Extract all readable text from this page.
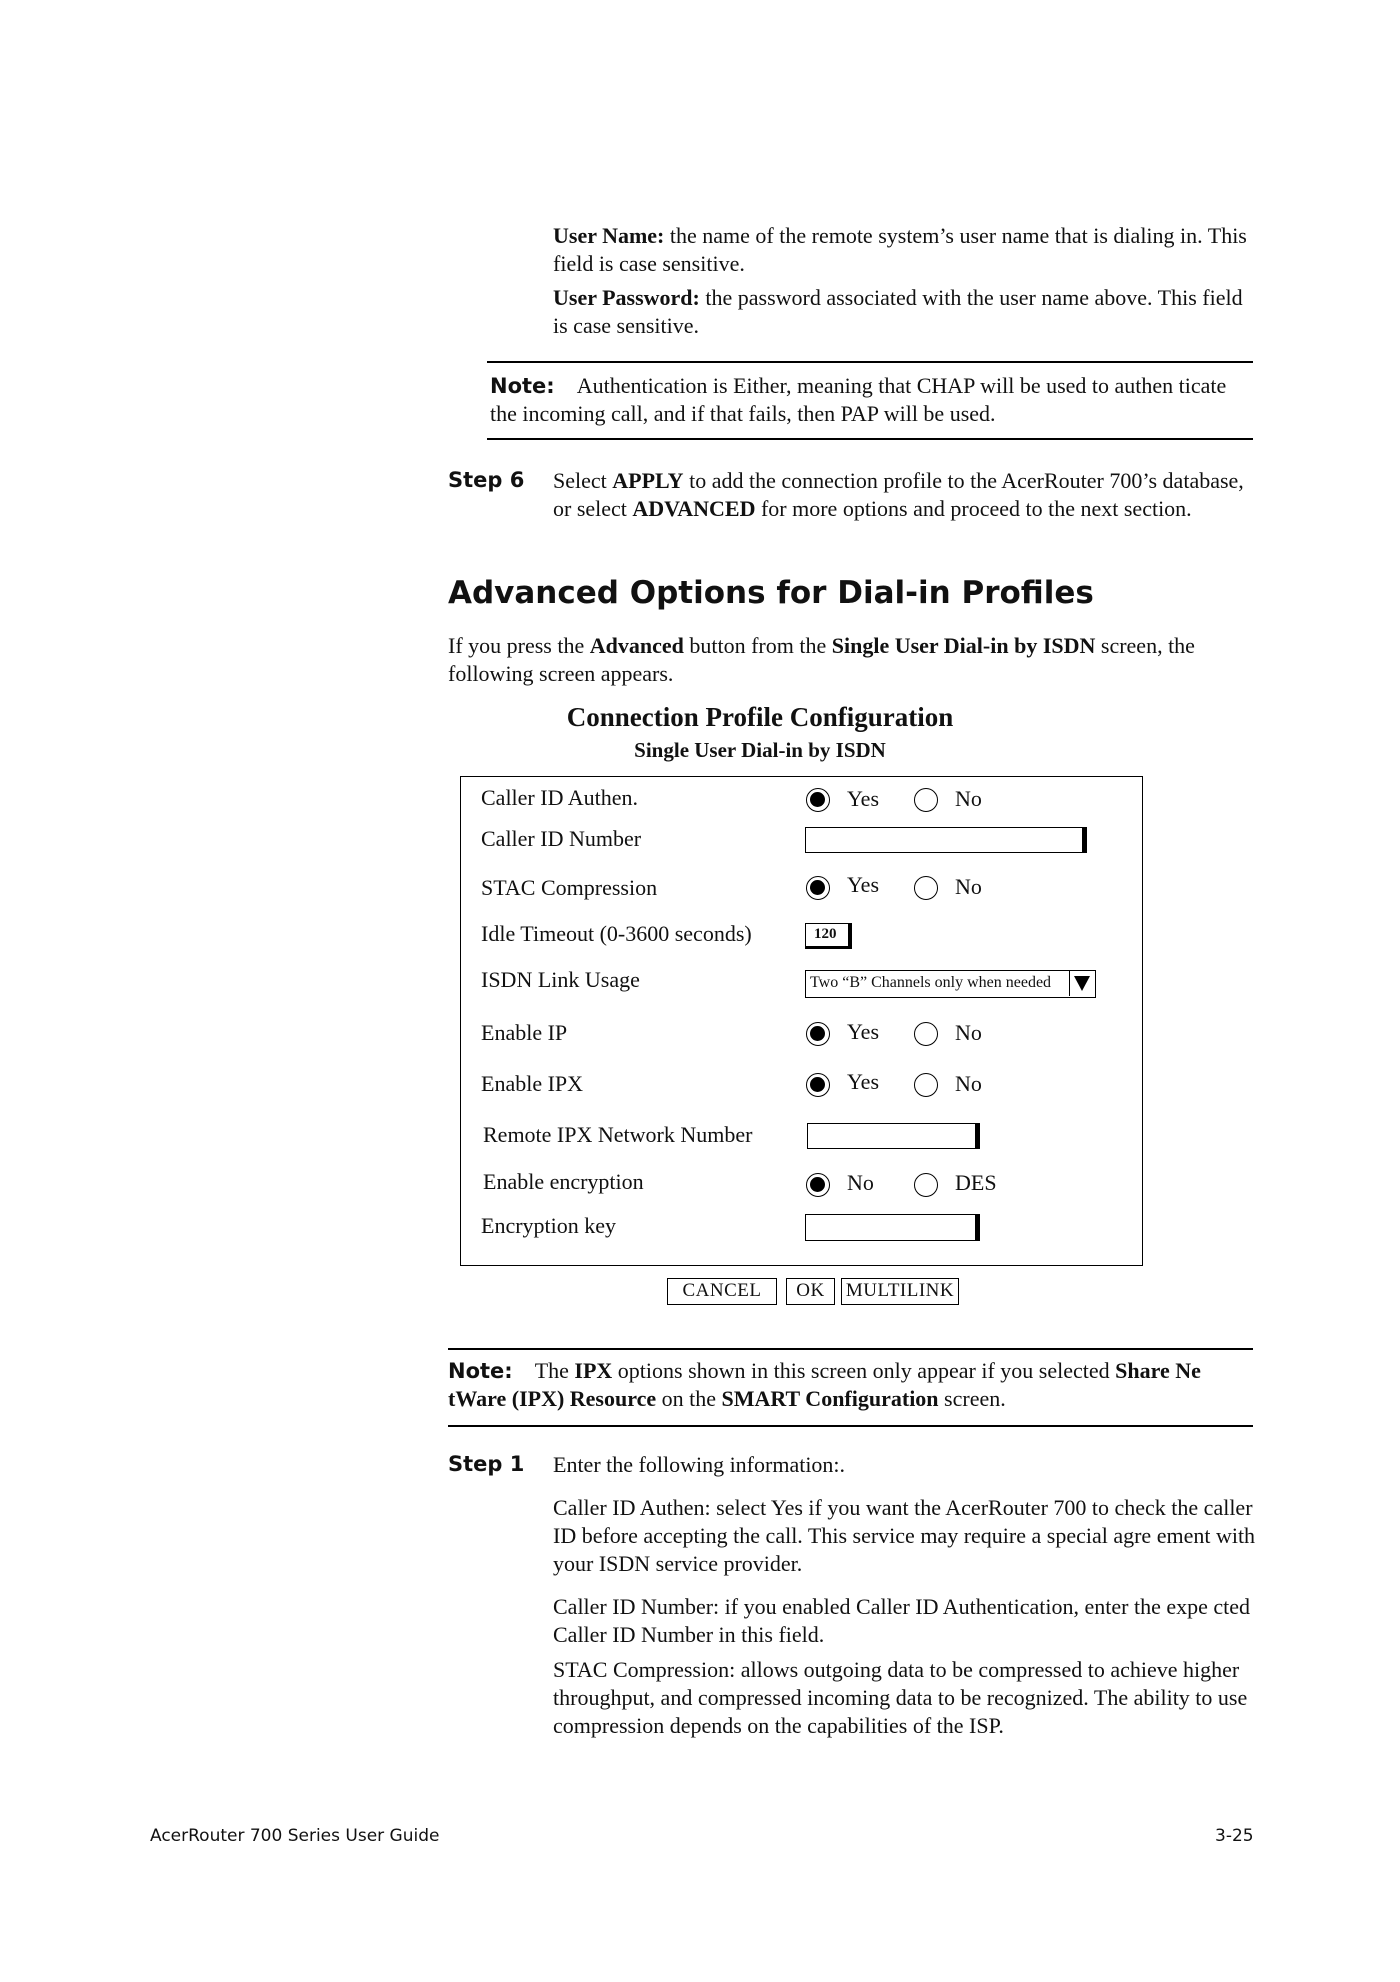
User Name: the name of the remote system’s user name that is dialing in. This field is case sensitive.

User Password: the password associated with the user name above. This field is case sensitive.

Note: Authentication is Either, meaning that CHAP will be used to authen ticate the incoming call, and if that fails, then PAP will be used.

Step 6 Select APPLY to add the connection profile to the AcerRouter 700’s database, or select ADVANCED for more options and proceed to the next section.

Advanced Options for Dial-in Profiles

If you press the Advanced button from the Single User Dial-in by ISDN screen, the following screen appears.

Connection Profile Configuration
Single User Dial-in by ISDN
Caller ID Authen.	Yes	No
Caller ID Number
STAC Compression	Yes	No
Idle Timeout (0-3600 seconds)	120
ISDN Link Usage	Two “B” Channels only when needed
Enable IP	Yes	No
Enable IPX	Yes	No
Remote IPX Network Number
Enable encryption	No	DES
Encryption key
CANCEL	OK	MULTILINK

Note: The IPX options shown in this screen only appear if you selected Share Ne tWare (IPX) Resource on the SMART Configuration screen.

Step 1 Enter the following information:.
Caller ID Authen: select Yes if you want the AcerRouter 700 to check the caller ID before accepting the call. This service may require a special agre ement with your ISDN service provider.
Caller ID Number: if you enabled Caller ID Authentication, enter the expe cted Caller ID Number in this field.
STAC Compression: allows outgoing data to be compressed to achieve higher throughput, and compressed incoming data to be recognized. The ability to use compression depends on the capabilities of the ISP.
AcerRouter 700 Series User Guide	3-25
